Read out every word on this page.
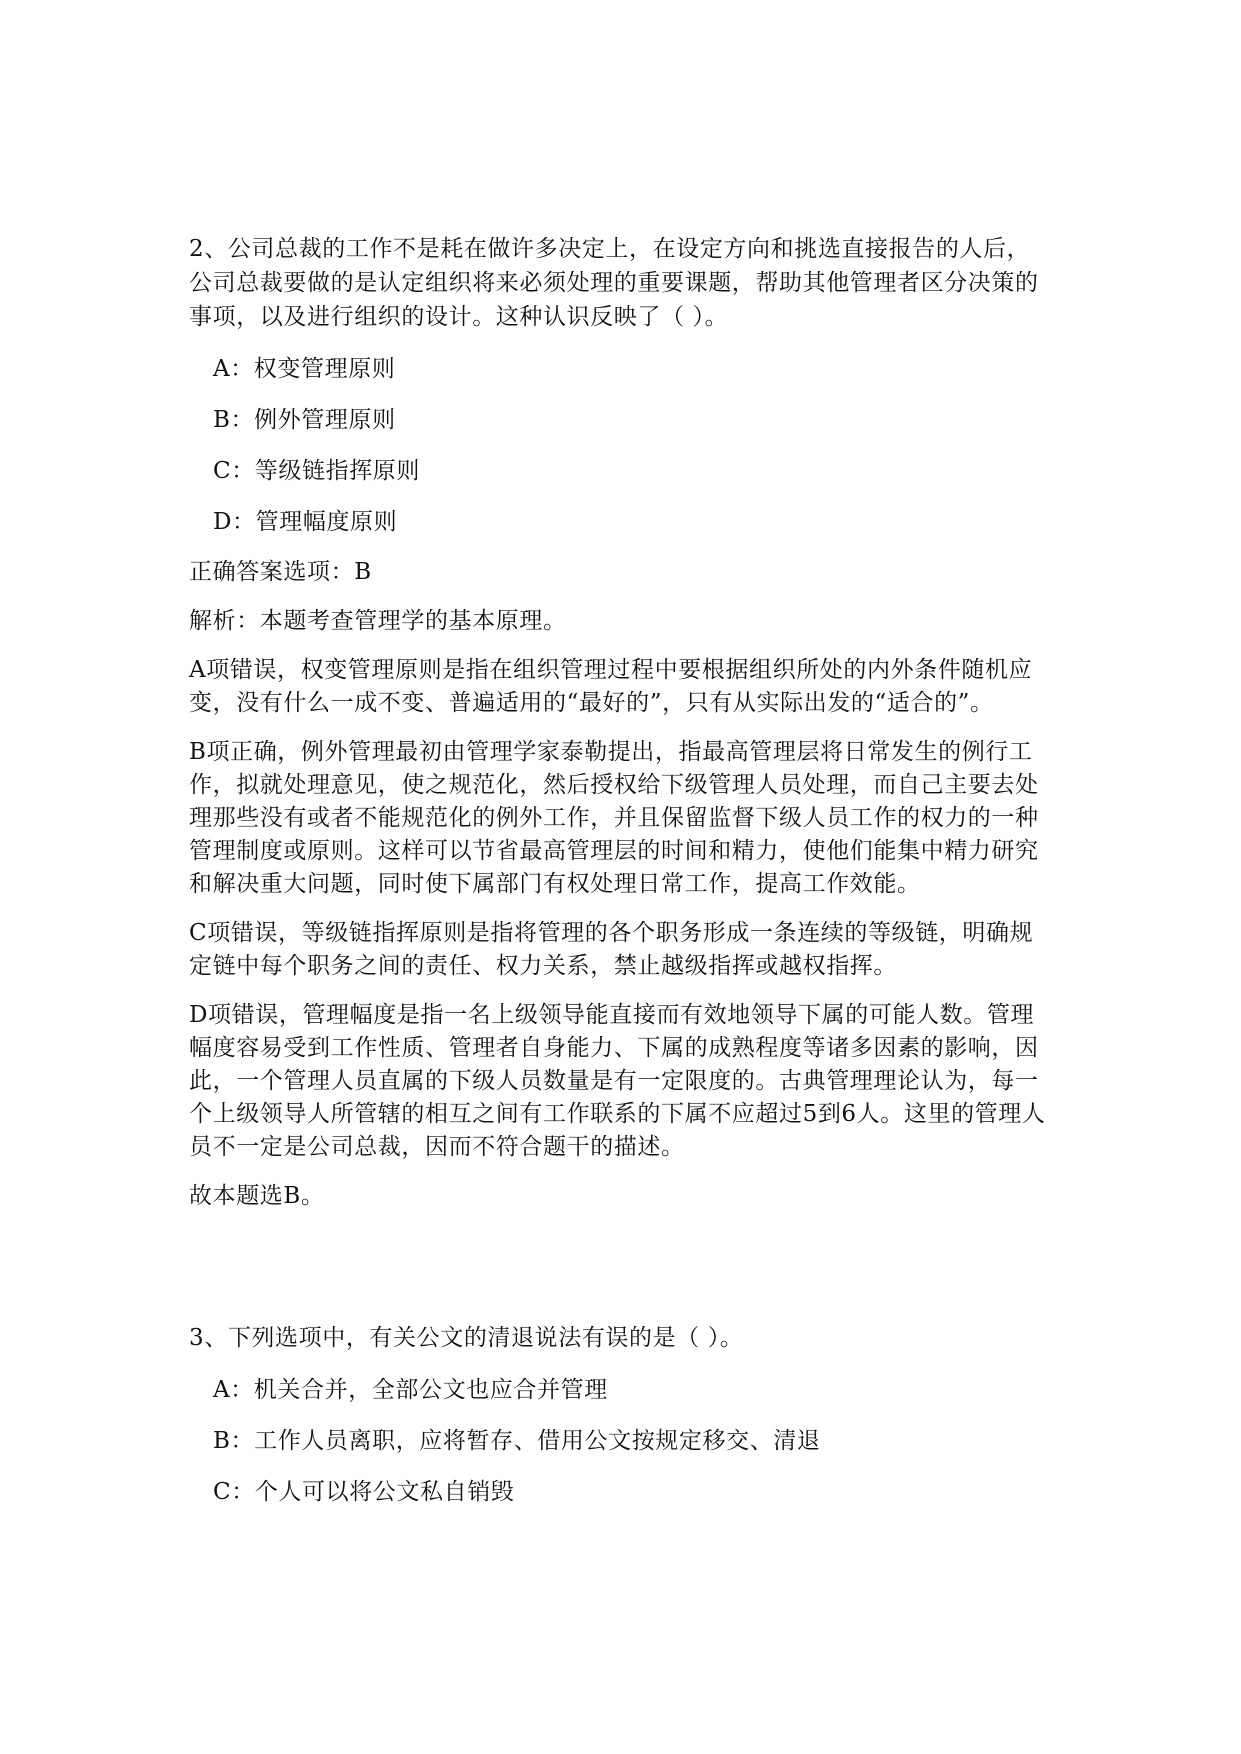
2、公司总裁的工作不是耗在做许多决定上，在设定方向和挑选直接报告的人后，公司总裁要做的是认定组织将来必须处理的重要课题，帮助其他管理者区分决策的事项，以及进行组织的设计。这种认识反映了（ ）。

A：权变管理原则

B：例外管理原则

C：等级链指挥原则

D：管理幅度原则

正确答案选项：B

解析：本题考查管理学的基本原理。

A项错误，权变管理原则是指在组织管理过程中要根据组织所处的内外条件随机应变，没有什么一成不变、普遍适用的“最好的”，只有从实际出发的“适合的”。

B项正确，例外管理最初由管理学家泰勒提出，指最高管理层将日常发生的例行工作，拟就处理意见，使之规范化，然后授权给下级管理人员处理，而自己主要去处理那些没有或者不能规范化的例外工作，并且保留监督下级人员工作的权力的一种管理制度或原则。这样可以节省最高管理层的时间和精力，使他们能集中精力研究和解决重大问题，同时使下属部门有权处理日常工作，提高工作效能。

C项错误，等级链指挥原则是指将管理的各个职务形成一条连续的等级链，明确规定链中每个职务之间的责任、权力关系，禁止越级指挥或越权指挥。

D项错误，管理幅度是指一名上级领导能直接而有效地领导下属的可能人数。管理幅度容易受到工作性质、管理者自身能力、下属的成熟程度等诸多因素的影响，因此，一个管理人员直属的下级人员数量是有一定限度的。古典管理理论认为，每一个上级领导人所管辖的相互之间有工作联系的下属不应超过5到6人。这里的管理人员不一定是公司总裁，因而不符合题干的描述。

故本题选B。

3、下列选项中，有关公文的清退说法有误的是（ ）。

A：机关合并，全部公文也应合并管理

B：工作人员离职，应将暂存、借用公文按规定移交、清退

C：个人可以将公文私自销毁
